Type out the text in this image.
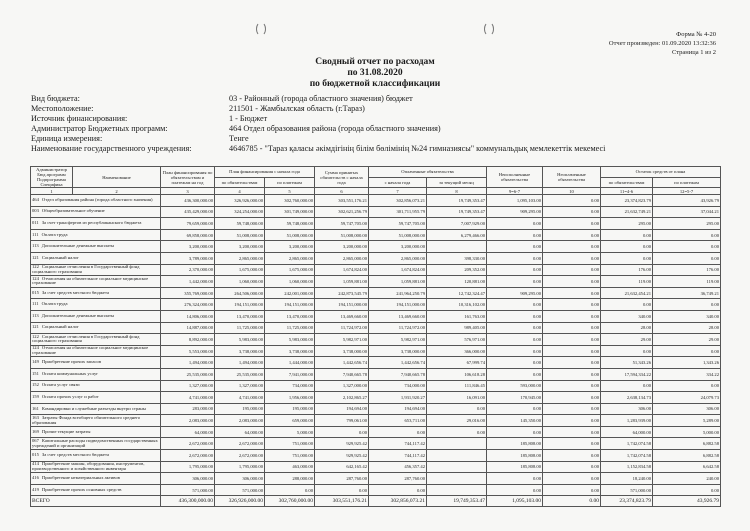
Форма № 4-20
Отчет произведен: 01.09.2020 13:32:36
Страница 1 из 2
Сводный отчет по расходам
по 31.08.2020
по бюджетной классификации
Вид бюджета:	03 - Районный (города областного значения) бюджет
Местоположение:	211501 - Жамбылская область (г.Тараз)
Источник финансирования:	1 - Бюджет
Администратор Бюджетных программ:	464 Отдел образования района (города областного значения)
Единица измерения:	Тенге
Наименование государственного учреждения:	4646785 - "Тараз қаласы әкімдігінің білім бөлімінің №24 гимназиясы" коммунальдық мемлекеттік мекемесі
Администратор Бюд.программ Подпрограмма Специфика	Наименование	План финансирования по обязательствам и платежам на год	План финансирования с начала года		Сумма принятых обязательств с начала года	Оплаченные обязательства		Неисполненные обязательства	Неоплаченные обязательства	Остаток средств от плана	
			по обязательствам	по платежам		с начала года	за текущий месяц			по обязательствам	по платежам
1	2	3	4	5	6	7	8	9=6-7	10	11=4-6	12=5-7
464 Отдел образования района (города областного значения)		436,300,000.00	326,926,000.00	302,760,000.00	303,551,176.21	302,856,073.21	19,749,353.47	1,095,103.00	0.00	23,374,823.79	43,926.79
003 Общеобразовательное обучение		435,429,000.00	324,254,000.00	301,749,000.00	302,621,256.79	301,711,955.79	19,749,353.47	909,295.00	0.00	21,632,749.21	37,044.21
011 За счет трансфертов из республиканского бюджета		79,659,000.00	59,748,000.00	59,748,000.00	59,747,705.00	59,747,705.00	7,007,929.00	0.00	0.00	295.00	295.00
111 Оплата труда		69,858,000.00	51,008,000.00	51,008,000.00	51,008,000.00	51,008,000.00	6,279,466.00	0.00	0.00	0.00	0.00
113 Дополнительные денежные выплаты		3,200,000.00	3,200,000.00	3,200,000.00	3,200,000.00	3,200,000.00		0.00	0.00	0.00	0.00
121 Социальный налог		3,789,000.00	2,865,000.00	2,865,000.00	2,865,000.00	2,865,000.00	398,330.00	0.00	0.00	0.00	0.00
122 Социальные отчисления в Государственный фонд социального страхования		2,370,000.00	1,675,000.00	1,675,000.00	1,674,824.00	1,674,824.00	209,352.00	0.00	0.00	176.00	176.00
124 Отчисления на обязательное социальное медицинское страхование		1,442,000.00	1,060,000.00	1,060,000.00	1,059,881.00	1,059,881.00	120,881.00	0.00	0.00	119.00	119.00
015 За счет средств местного бюджета		355,769,000.00	264,506,000.00	242,001,000.00	242,873,545.79	241,964,250.79	12,742,324.47	909,295.00	0.00	21,632,454.21	36,749.21
111 Оплата труда		276,324,000.00	194,151,000.00	194,151,000.00	194,151,000.00	194,151,000.00	10,316,102.00	0.00	0.00	0.00	0.00
113 Дополнительные денежные выплаты		14,806,000.00	13,470,000.00	13,470,000.00	13,469,660.00	13,469,660.00	161,763.00	0.00	0.00	340.00	340.00
121 Социальный налог		14,887,000.00	11,725,000.00	11,725,000.00	11,724,972.00	11,724,972.00	989,405.00	0.00	0.00	28.00	28.00
122 Социальные отчисления в Государственный фонд социального страхования		8,892,000.00	5,983,000.00	5,983,000.00	5,982,971.00	5,982,971.00	576,971.00	0.00	0.00	29.00	29.00
124 Отчисления на обязательное социальное медицинское страхование		5,553,000.00	3,738,000.00	3,738,000.00	3,738,000.00	3,738,000.00	366,000.00	0.00	0.00	0.00	0.00
149 Приобретение прочих запасов		1,494,000.00	1,494,000.00	1,444,000.00	1,442,656.74	1,442,656.74	67,999.74	0.00	0.00	51,343.26	1,343.26
151 Оплата коммунальных услуг		25,535,000.00	25,535,000.00	7,941,000.00	7,940,665.78	7,940,665.78	106,618.28	0.00	0.00	17,594,334.22	334.22
152 Оплата услуг связи		1,327,000.00	1,327,000.00	734,000.00	1,327,000.00	734,000.00	111,846.45	593,000.00	0.00	0.00	0.00
159 Оплата прочих услуг и работ		4,741,000.00	4,741,000.00	1,956,000.00	2,102,865.27	1,931,920.27	16,091.00	170,945.00	0.00	2,638,134.73	24,079.73
161 Командировки и служебные разъезды внутри страны		283,000.00	195,000.00	195,000.00	194,694.00	194,694.00	0.00	0.00	0.00	306.00	306.00
163 Затраты Фонда всеобщего обязательного среднего образования		2,083,000.00	2,083,000.00	659,000.00	799,061.00	653,711.00	29,016.00	145,350.00	0.00	1,283,939.00	5,289.00
169 Прочие текущие затраты		64,000.00	64,000.00	5,000.00	0.00	0.00	0.00	0.00	0.00	64,000.00	5,000.00
067 Капитальные расходы подведомственных государственных учреждений и организаций		2,672,000.00	2,672,000.00	751,000.00	929,925.42	744,117.42		185,808.00	0.00	1,742,074.58	6,882.58
015 За счет средств местного бюджета		2,672,000.00	2,672,000.00	751,000.00	929,925.42	744,117.42		185,808.00	0.00	1,742,074.58	6,882.58
414 Приобретение машин, оборудования, инструментов, производственного и хозяйственного инвентаря		1,795,000.00	1,795,000.00	463,000.00	642,165.42	456,357.42		185,808.00	0.00	1,152,834.58	6,642.58
416 Приобретение нематериальных активов		306,000.00	306,000.00	288,000.00	287,760.00	287,760.00		0.00	0.00	18,240.00	240.00
419 Приобретение прочих основных средств		571,000.00	571,000.00	0.00	0.00	0.00		0.00	0.00	571,000.00	0.00
ВСЕГО		436,300,000.00	326,926,000.00	302,760,000.00	303,551,176.21	302,856,073.21	19,749,353.47	1,095,103.00	0.00	23,374,823.79	43,926.79
